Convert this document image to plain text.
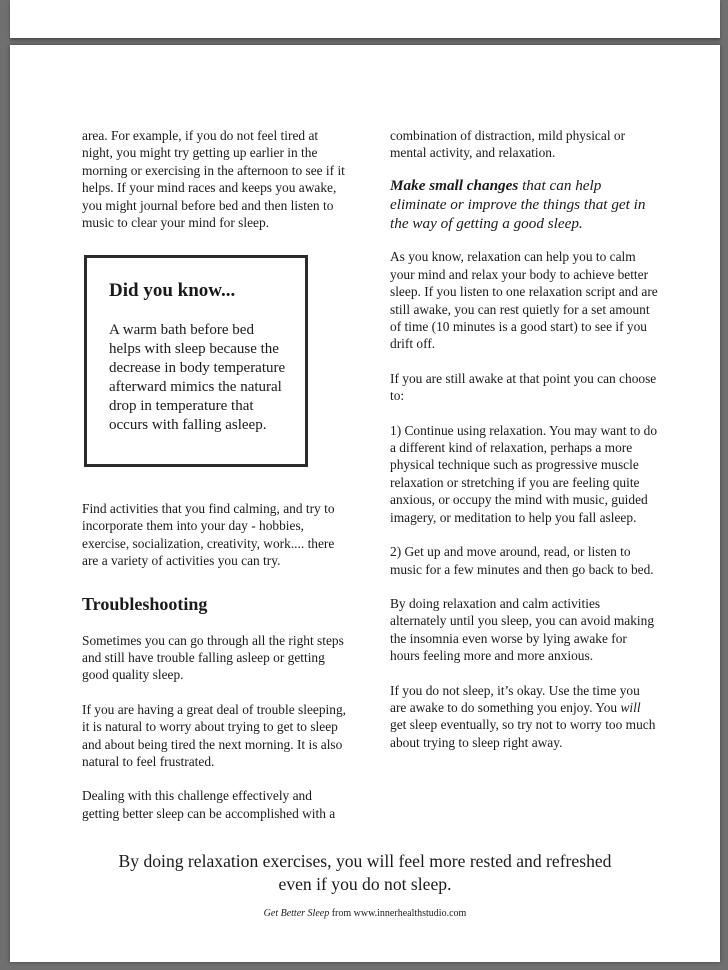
area. For example, if you do not feel tired at night, you might try getting up earlier in the morning or exercising in the afternoon to see if it helps. If your mind races and keeps you awake, you might journal before bed and then listen to music to clear your mind for sleep.

Did you know...
A warm bath before bed helps with sleep because the decrease in body temperature afterward mimics the natural drop in temperature that occurs with falling asleep.

Find activities that you find calming, and try to incorporate them into your day - hobbies, exercise, socialization, creativity, work.... there are a variety of activities you can try.

Troubleshooting

Sometimes you can go through all the right steps and still have trouble falling asleep or getting good quality sleep.

If you are having a great deal of trouble sleeping, it is natural to worry about trying to get to sleep and about being tired the next morning. It is also natural to feel frustrated.

Dealing with this challenge effectively and getting better sleep can be accomplished with a

combination of distraction, mild physical or mental activity, and relaxation.

Make small changes that can help eliminate or improve the things that get in the way of getting a good sleep.

As you know, relaxation can help you to calm your mind and relax your body to achieve better sleep. If you listen to one relaxation script and are still awake, you can rest quietly for a set amount of time (10 minutes is a good start) to see if you drift off.

If you are still awake at that point you can choose to:

1) Continue using relaxation. You may want to do a different kind of relaxation, perhaps a more physical technique such as progressive muscle relaxation or stretching if you are feeling quite anxious, or occupy the mind with music, guided imagery, or meditation to help you fall asleep.

2) Get up and move around, read, or listen to music for a few minutes and then go back to bed.

By doing relaxation and calm activities alternately until you sleep, you can avoid making the insomnia even worse by lying awake for hours feeling more and more anxious.

If you do not sleep, it’s okay. Use the time you are awake to do something you enjoy. You will get sleep eventually, so try not to worry too much about trying to sleep right away.

By doing relaxation exercises, you will feel more rested and refreshed even if you do not sleep.
Get Better Sleep from www.innerhealthstudio.com
